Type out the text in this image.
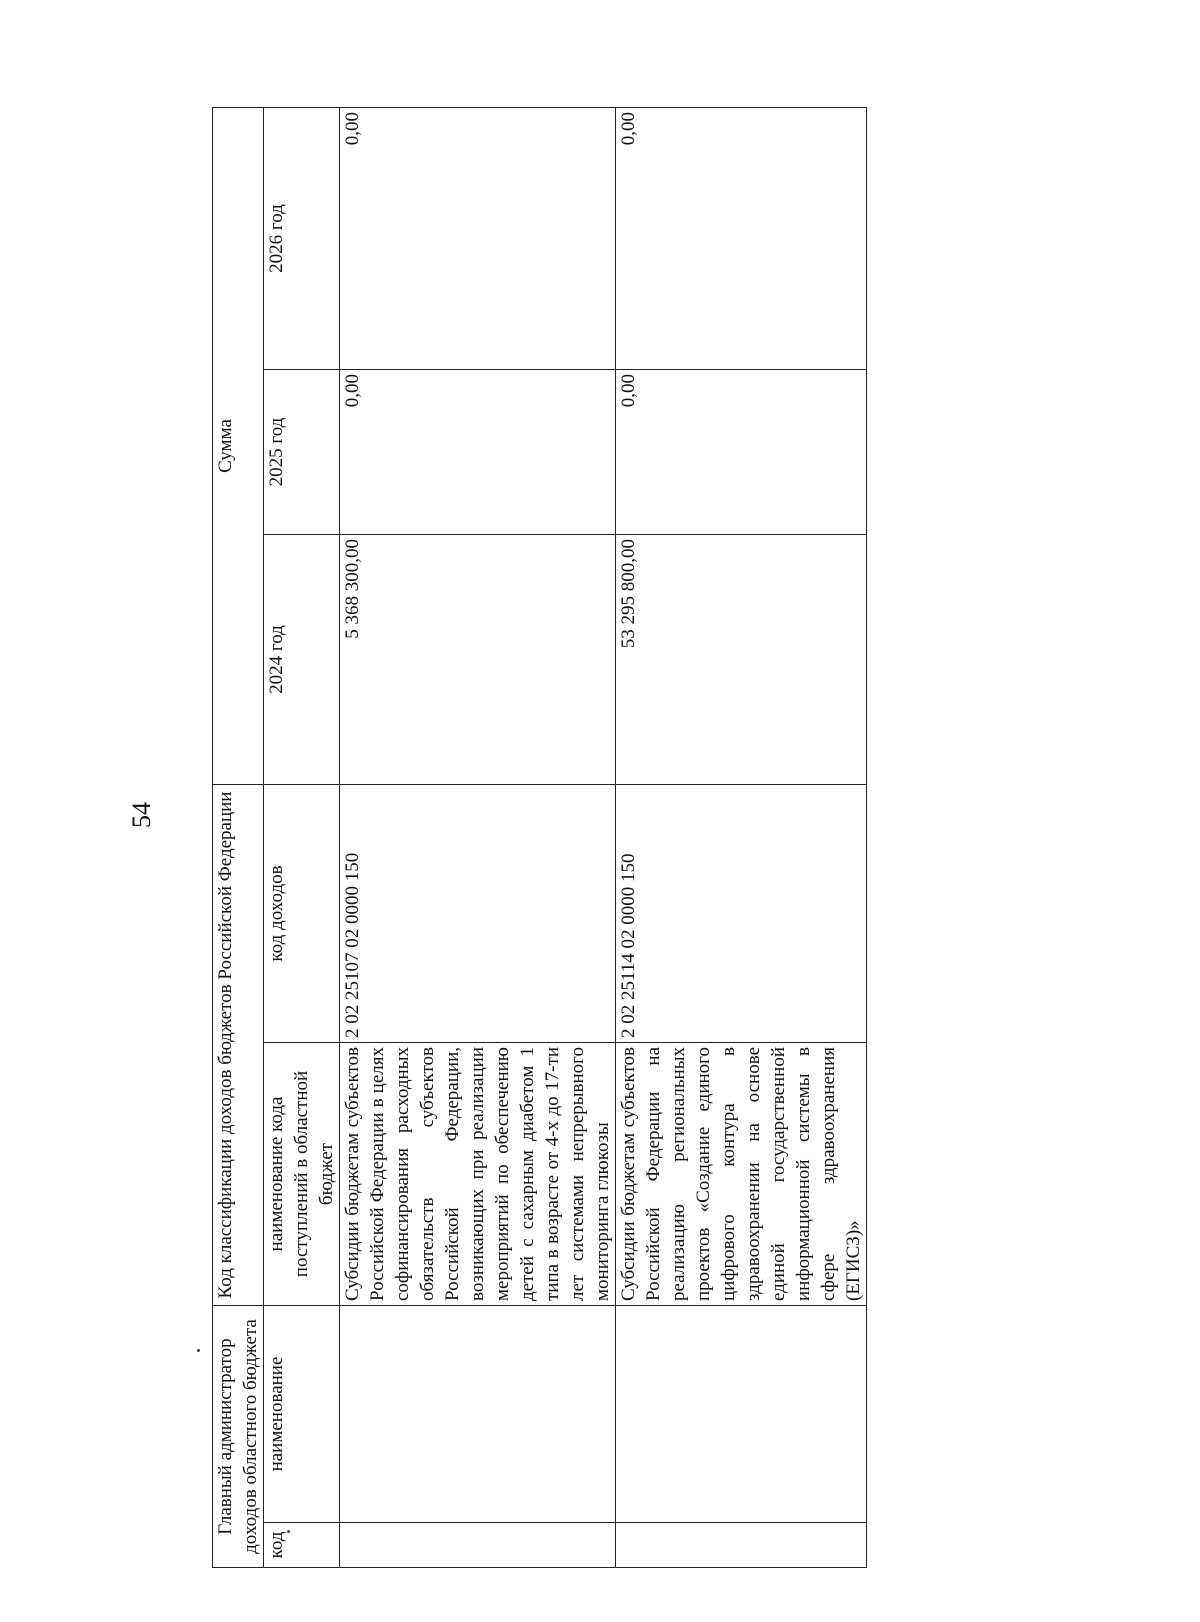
54
Главный администратор доходов областного бюджета		Код классификации доходов бюджетов Российской Федерации		Сумма		
код	наименование	наименование кода поступлений в областной бюджет	код доходов	2024 год	2025 год	2026 год
		Субсидии бюджетам субъектов Российской Федерации в целях софинансирования расходных обязательств субъектов Российской Федерации, возникающих при реализации мероприятий по обеспечению детей с сахарным диабетом 1 типа в возрасте от 4-х до 17-ти лет системами непрерывного мониторинга глюкозы	2 02 25107 02 0000 150	5 368 300,00	0,00	0,00
		Субсидии бюджетам субъектов Российской Федерации на реализацию региональных проектов «Создание единого цифрового контура в здравоохранении на основе единой государственной информационной системы в сфере здравоохранения (ЕГИСЗ)»	2 02 25114 02 0000 150	53 295 800,00	0,00	0,00
